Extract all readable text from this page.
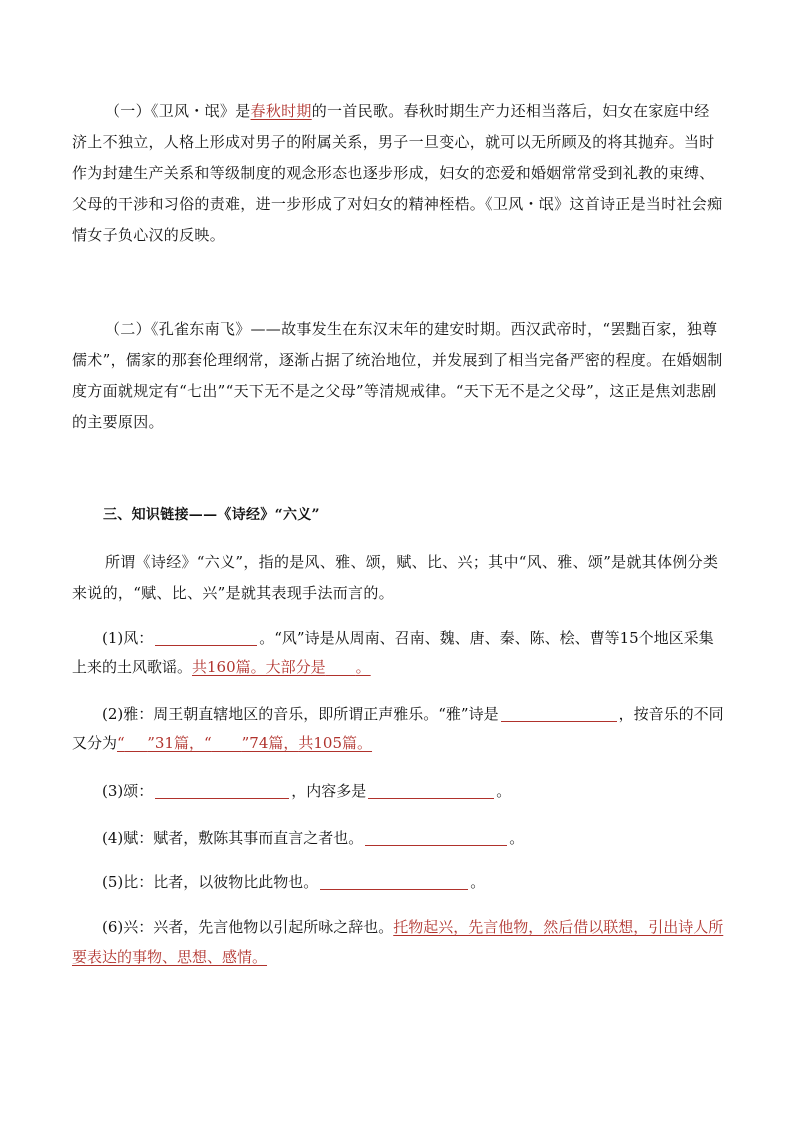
（一）《卫风・氓》是春秋时期的一首民歌。春秋时期生产力还相当落后，妇女在家庭中经济上不独立，人格上形成对男子的附属关系，男子一旦变心，就可以无所顾及的将其抛弃。当时作为封建生产关系和等级制度的观念形态也逐步形成，妇女的恋爱和婚姻常常受到礼教的束缚、父母的干涉和习俗的责难，进一步形成了对妇女的精神桎梏。《卫风・氓》这首诗正是当时社会痴情女子负心汉的反映。

（二）《孔雀东南飞》——故事发生在东汉末年的建安时期。西汉武帝时，“罢黜百家，独尊儒术”，儒家的那套伦理纲常，逐渐占据了统治地位，并发展到了相当完备严密的程度。在婚姻制度方面就规定有“七出”“天下无不是之父母”等清规戒律。“天下无不是之父母”，这正是焦刘悲剧的主要原因。

三、知识链接——《诗经》“六义”

所谓《诗经》“六义”，指的是风、雅、颂，赋、比、兴；其中“风、雅、颂”是就其体例分类来说的，“赋、比、兴”是就其表现手法而言的。

(1)风：	。“风”诗是从周南、召南、魏、唐、秦、陈、桧、曹等15个地区采集上来的土风歌谣。共160篇。大部分是     。

(2)雅：周王朝直辖地区的音乐，即所谓正声雅乐。“雅”诗是	，按音乐的不同又分为“    ”31篇，“     ”74篇，共105篇。

(3)颂：	，内容多是	。

(4)赋：赋者，敷陈其事而直言之者也。	。

(5)比：比者，以彼物比此物也。	。

(6)兴：兴者，先言他物以引起所咏之辞也。托物起兴，先言他物，然后借以联想，引出诗人所要表达的事物、思想、感情。
